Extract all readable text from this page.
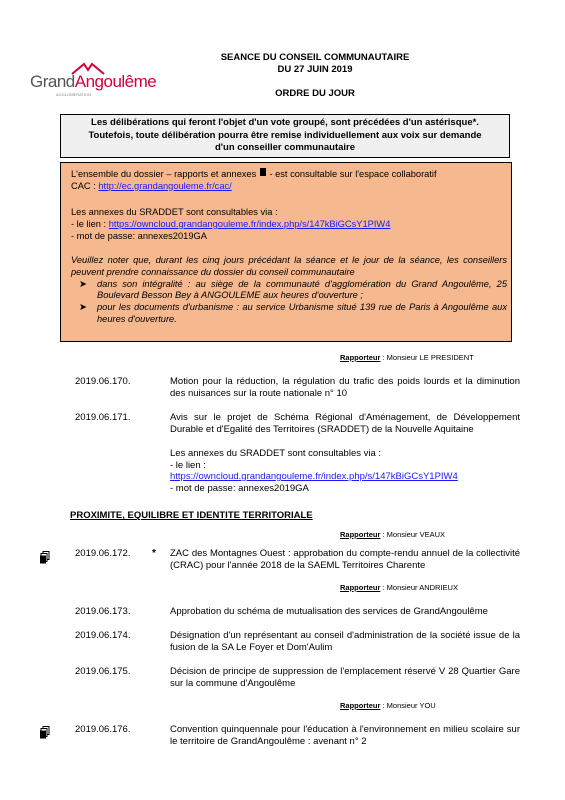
GrandAngoulême
AGGLOMÉRATION
SEANCE DU CONSEIL COMMUNAUTAIRE
DU 27 JUIN 2019
ORDRE DU JOUR
Les délibérations qui feront l'objet d'un vote groupé, sont précédées d'un astérisque*.
Toutefois, toute délibération pourra être remise individuellement aux voix sur demande
d'un conseiller communautaire

L'ensemble du dossier – rapports et annexes - est consultable sur l'espace collaboratif

CAC : http://ec.grandangouleme.fr/cac/

Les annexes du SRADDET sont consultables via :

- le lien : https://owncloud.grandangouleme.fr/index.php/s/147kBiGCsY1PIW4

- mot de passe: annexes2019GA

Veuillez noter que, durant les cinq jours précédant la séance et le jour de la séance, les conseillers peuvent prendre connaissance du dossier du conseil communautaire

➤ dans son intégralité : au siège de la communauté d'agglomération du Grand Angoulême, 25 Boulevard Besson Bey à ANGOULEME aux heures d'ouverture ;
➤ pour les documents d'urbanisme : au service Urbanisme situé 139 rue de Paris à Angoulême aux heures d'ouverture.
Rapporteur : Monsieur LE PRESIDENT
2019.06.170.	Motion pour la réduction, la régulation du trafic des poids lourds et la diminution des nuisances sur la route nationale n° 10
2019.06.171.	Avis sur le projet de Schéma Régional d'Aménagement, de Développement Durable et d'Egalité des Territoires (SRADDET) de la Nouvelle Aquitaine
Les annexes du SRADDET sont consultables via :
- le lien :
https://owncloud.grandangouleme.fr/index.php/s/147kBiGCsY1PIW4
- mot de passe: annexes2019GA
PROXIMITE, EQUILIBRE ET IDENTITE TERRITORIALE
Rapporteur : Monsieur VEAUX
2019.06.172. * ZAC des Montagnes Ouest : approbation du compte-rendu annuel de la collectivité (CRAC) pour l'année 2018 de la SAEML Territoires Charente
Rapporteur : Monsieur ANDRIEUX
2019.06.173.	Approbation du schéma de mutualisation des services de GrandAngoulême
2019.06.174.	Désignation d'un représentant au conseil d'administration de la société issue de la fusion de la SA Le Foyer et Dom'Aulim
2019.06.175.	Décision de principe de suppression de l'emplacement réservé V 28 Quartier Gare sur la commune d'Angoulême
Rapporteur : Monsieur YOU
2019.06.176.	Convention quinquennale pour l'éducation à l'environnement en milieu scolaire sur le territoire de GrandAngoulême : avenant n° 2
